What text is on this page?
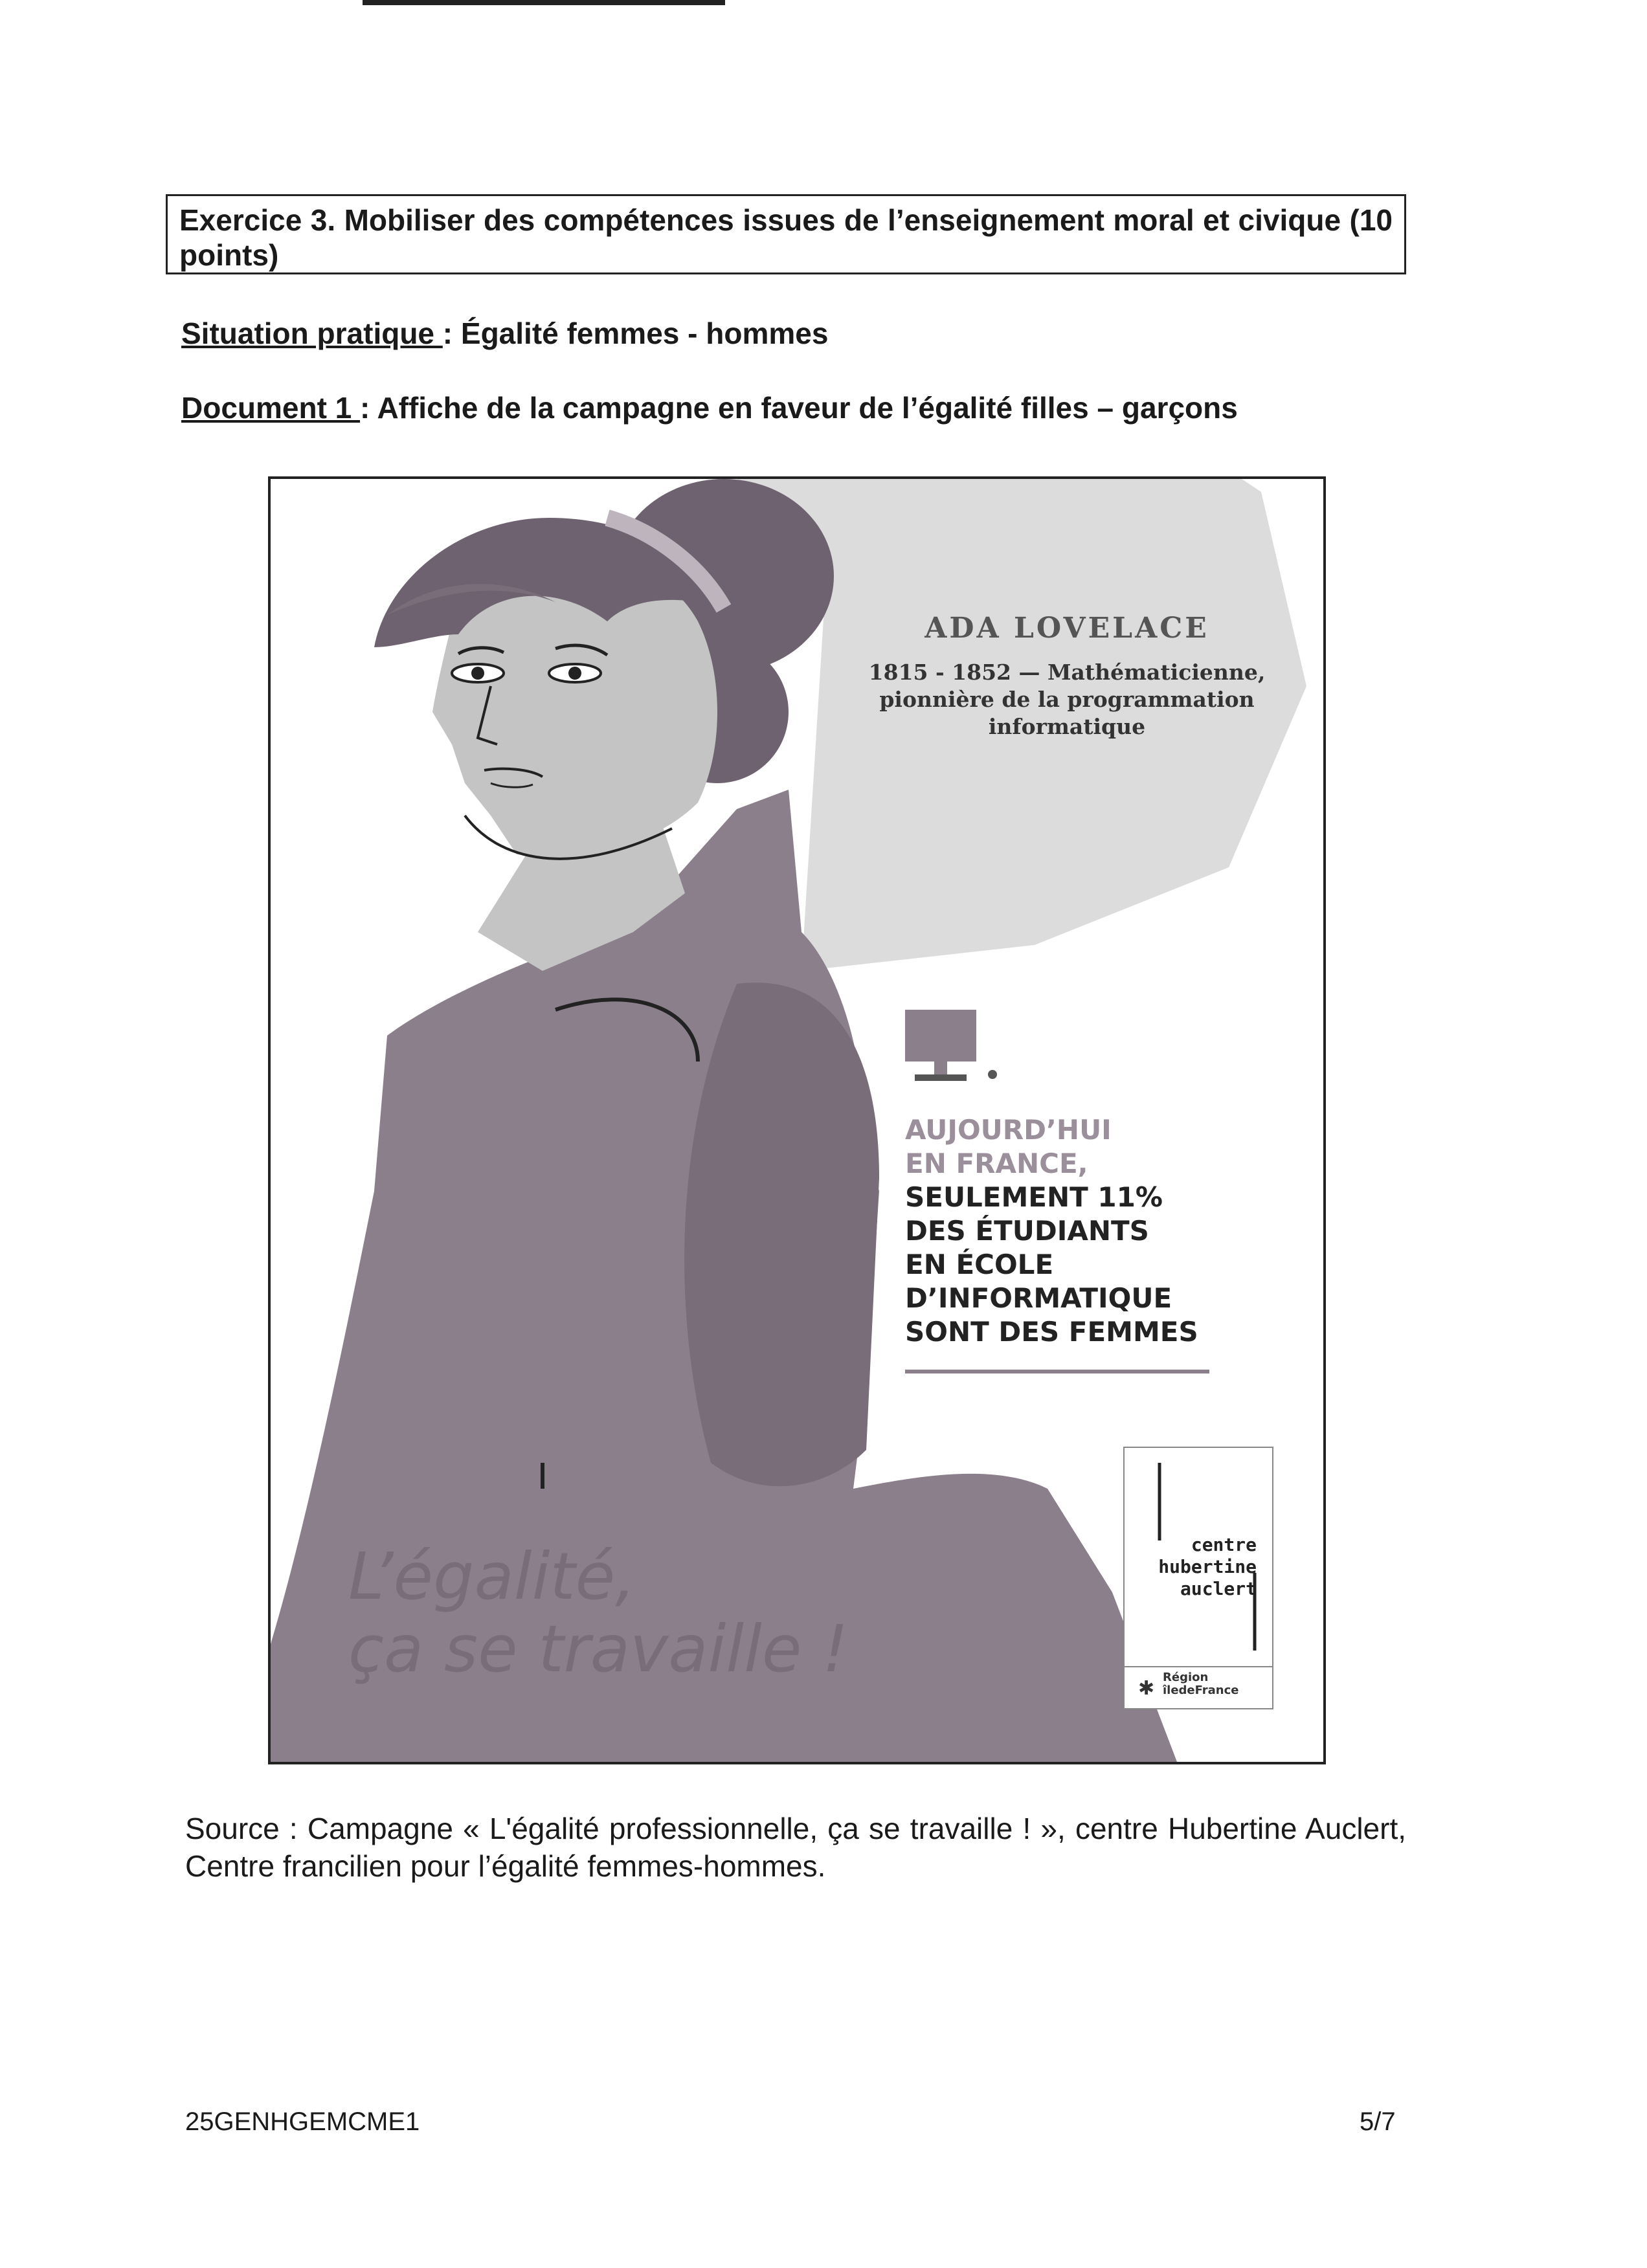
Exercice 3. Mobiliser des compétences issues de l’enseignement moral et civique (10 points)
Situation pratique : Égalité femmes - hommes
Document 1 : Affiche de la campagne en faveur de l’égalité filles – garçons
✱
ADA LOVELACE
1815 - 1852 — Mathématicienne,
pionnière de la programmation
informatique
AUJOURD’HUI
EN FRANCE,
SEULEMENT 11%
DES ÉTUDIANTS
EN ÉCOLE
D’INFORMATIQUE
SONT DES FEMMES
L’égalité,
ça se travaille !
centre
hubertine
auclert
Région
îledeFrance
Source : Campagne « L'égalité professionnelle, ça se travaille ! », centre Hubertine Auclert, Centre francilien pour l’égalité femmes-hommes.
25GENHGEMCME1	5/7
